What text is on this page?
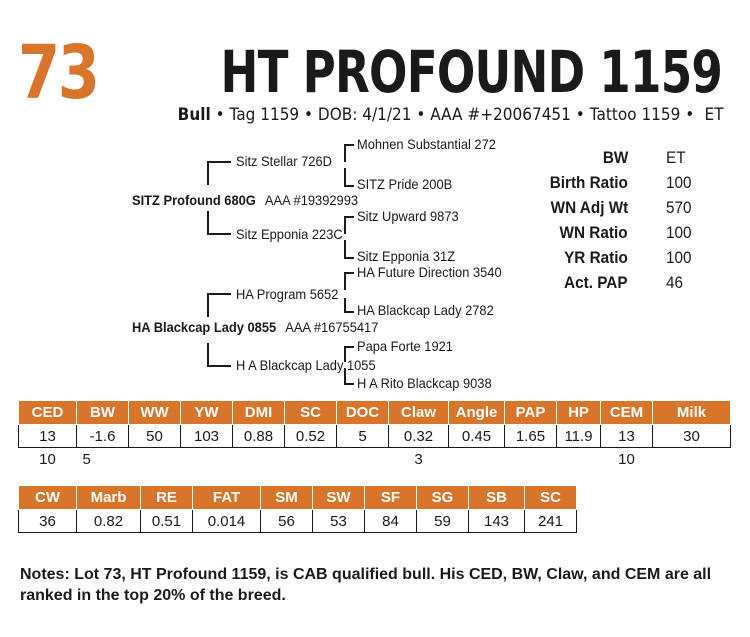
73 HT PROFOUND 1159
Bull • Tag 1159 • DOB: 4/1/21 • AAA #+20067451 • Tattoo 1159 • ET
Mohnen Substantial 272
Sitz Stellar 726D
SITZ Pride 200B
SITZ Profound 680G AAA #19392993
Sitz Upward 9873
Sitz Epponia 223C
Sitz Epponia 31Z
HA Future Direction 3540
HA Program 5652
HA Blackcap Lady 2782
HA Blackcap Lady 0855 AAA #16755417
Papa Forte 1921
H A Blackcap Lady 1055
H A Rito Blackcap 9038
BW ET
Birth Ratio 100
WN Adj Wt 570
WN Ratio 100
YR Ratio 100
Act. PAP 46
CED	BW	WW	YW	DMI	SC	DOC	Claw	Angle	PAP	HP	CEM	Milk
13	-1.6	50	103	0.88	0.52	5	0.32	0.45	1.65	11.9	13	30
10	5						3				10	
CW	Marb	RE	FAT	SM	SW	SF	SG	SB	SC
36	0.82	0.51	0.014	56	53	84	59	143	241
Notes: Lot 73, HT Profound 1159, is CAB qualified bull. His CED, BW, Claw, and CEM are all ranked in the top 20% of the breed.
